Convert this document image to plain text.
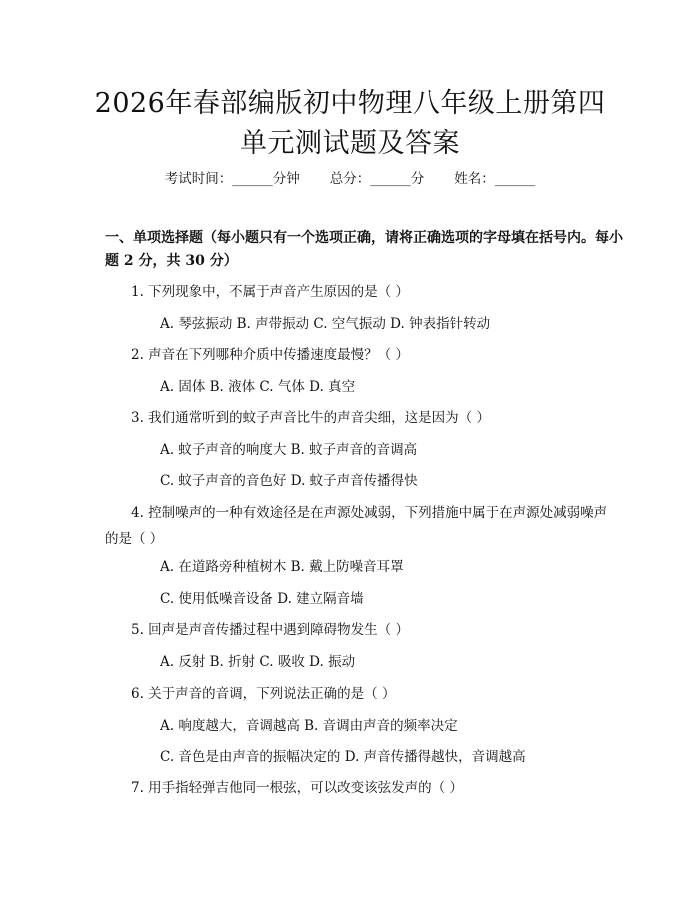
2026年春部编版初中物理八年级上册第四单元测试题及答案
考试时间：______分钟 总分：______分 姓名：______
一、单项选择题（每小题只有一个选项正确，请将正确选项的字母填在括号内。每小题 2 分，共 30 分）
1. 下列现象中，不属于声音产生原因的是（ ）
A. 琴弦振动 B. 声带振动 C. 空气振动 D. 钟表指针转动
2. 声音在下列哪种介质中传播速度最慢？（ ）
A. 固体 B. 液体 C. 气体 D. 真空
3. 我们通常听到的蚊子声音比牛的声音尖细，这是因为（ ）
A. 蚊子声音的响度大 B. 蚊子声音的音调高
C. 蚊子声音的音色好 D. 蚊子声音传播得快
4. 控制噪声的一种有效途径是在声源处减弱，下列措施中属于在声源处减弱噪声的是（ ）
A. 在道路旁种植树木 B. 戴上防噪音耳罩
C. 使用低噪音设备 D. 建立隔音墙
5. 回声是声音传播过程中遇到障碍物发生（ ）
A. 反射 B. 折射 C. 吸收 D. 振动
6. 关于声音的音调，下列说法正确的是（ ）
A. 响度越大，音调越高 B. 音调由声音的频率决定
C. 音色是由声音的振幅决定的 D. 声音传播得越快，音调越高
7. 用手指轻弹吉他同一根弦，可以改变该弦发声的（ ）
